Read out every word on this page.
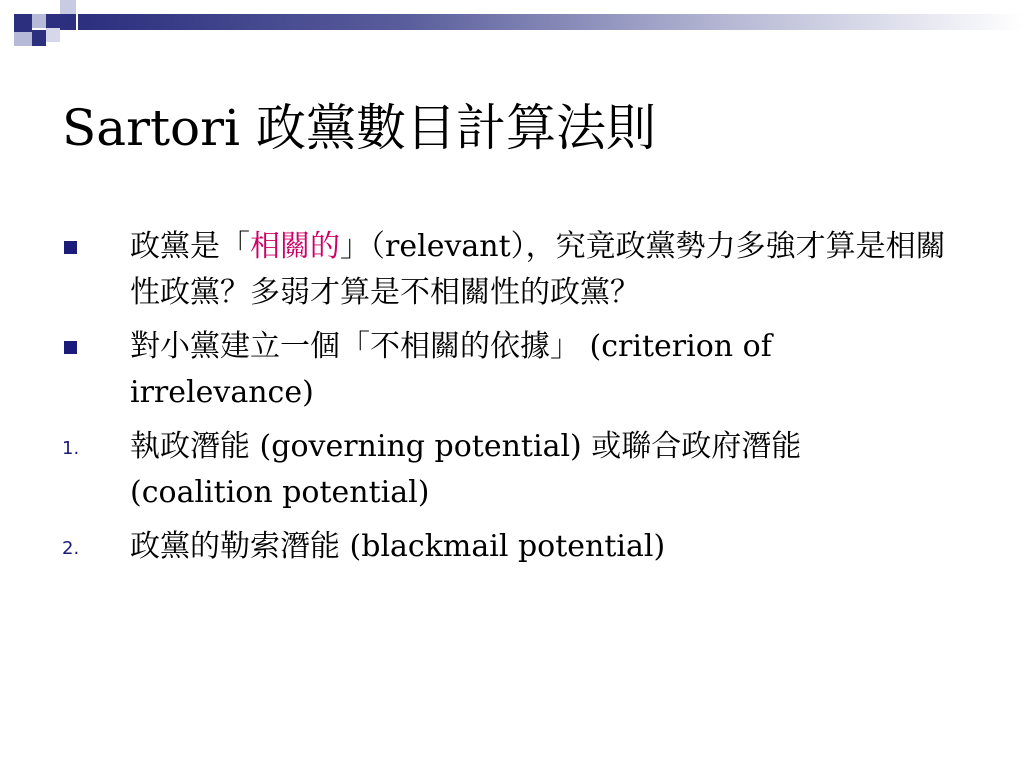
Sartori 政黨數目計算法則
政黨是「相關的」（relevant），究竟政黨勢力多強才算是相關性政黨？多弱才算是不相關性的政黨？
對小黨建立一個「不相關的依據」 (criterion of irrelevance)
1. 執政潛能 (governing potential) 或聯合政府潛能 (coalition potential)
2. 政黨的勒索潛能 (blackmail potential)
